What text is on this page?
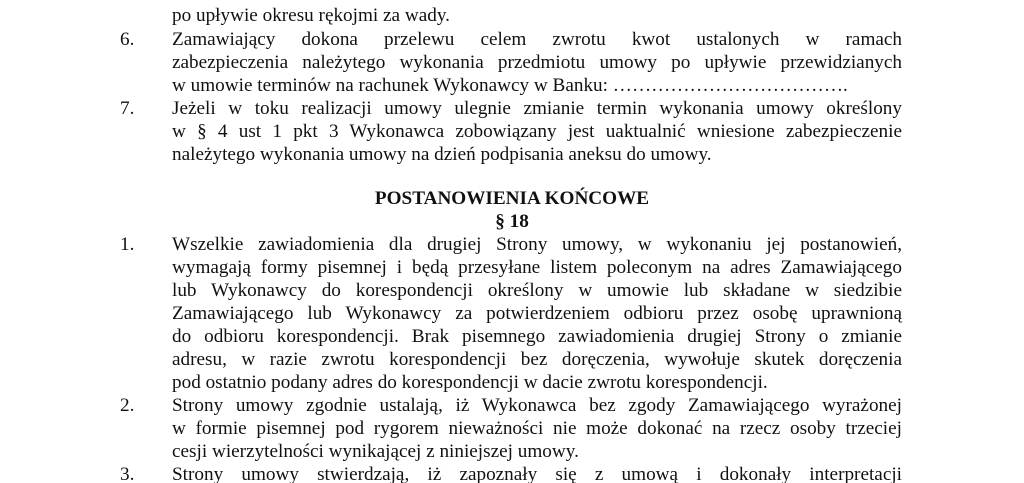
po upływie okresu rękojmi za wady.
6. Zamawiający dokona przelewu celem zwrotu kwot ustalonych w ramach
zabezpieczenia należytego wykonania przedmiotu umowy po upływie przewidzianych
w umowie terminów na rachunek Wykonawcy w Banku: ……………………………….
7. Jeżeli w toku realizacji umowy ulegnie zmianie termin wykonania umowy określony
w § 4 ust 1 pkt 3 Wykonawca zobowiązany jest uaktualnić wniesione zabezpieczenie
należytego wykonania umowy na dzień podpisania aneksu do umowy.
POSTANOWIENIA KOŃCOWE
§ 18
1. Wszelkie zawiadomienia dla drugiej Strony umowy, w wykonaniu jej postanowień,
wymagają formy pisemnej i będą przesyłane listem poleconym na adres Zamawiającego
lub Wykonawcy do korespondencji określony w umowie lub składane w siedzibie
Zamawiającego lub Wykonawcy za potwierdzeniem odbioru przez osobę uprawnioną
do odbioru korespondencji. Brak pisemnego zawiadomienia drugiej Strony o zmianie
adresu, w razie zwrotu korespondencji bez doręczenia, wywołuje skutek doręczenia
pod ostatnio podany adres do korespondencji w dacie zwrotu korespondencji.
2. Strony umowy zgodnie ustalają, iż Wykonawca bez zgody Zamawiającego wyrażonej
w formie pisemnej pod rygorem nieważności nie może dokonać na rzecz osoby trzeciej
cesji wierzytelności wynikającej z niniejszej umowy.
3. Strony umowy stwierdzają, iż zapoznały się z umową i dokonały interpretacji
